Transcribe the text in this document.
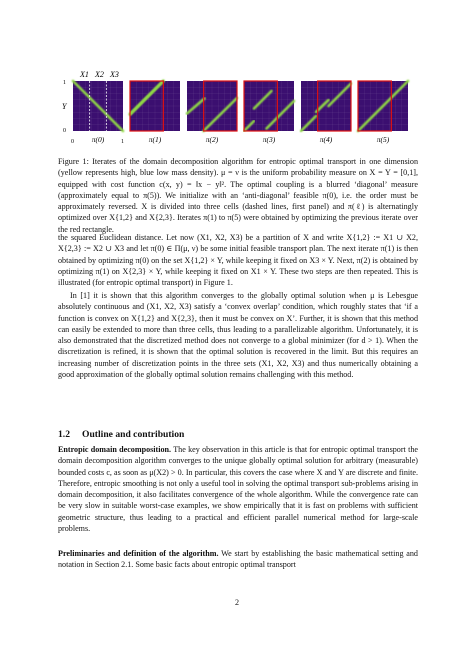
X1 X2 X3
1
Y
0
0	1
π(0)	π(1)	π(2)	π(3)	π(4)	π(5)
Figure 1: Iterates of the domain decomposition algorithm for entropic optimal transport in one dimension (yellow represents high, blue low mass density). μ = ν is the uniform probability measure on X = Y = [0,1], equipped with cost function c(x, y) = ‖x − y‖². The optimal coupling is a blurred ‘diagonal’ measure (approximately equal to π(5)). We initialize with an ‘anti-diagonal’ feasible π(0), i.e. the order must be approximately reversed. X is divided into three cells (dashed lines, first panel) and π(ℓ) is alternatingly optimized over X{1,2} and X{2,3}. Iterates π(1) to π(5) were obtained by optimizing the previous iterate over the red rectangle.

the squared Euclidean distance. Let now (X1, X2, X3) be a partition of X and write X{1,2} := X1 ∪ X2, X{2,3} := X2 ∪ X3 and let π(0) ∈ Π(μ, ν) be some initial feasible transport plan. The next iterate π(1) is then obtained by optimizing π(0) on the set X{1,2} × Y, while keeping it fixed on X3 × Y. Next, π(2) is obtained by optimizing π(1) on X{2,3} × Y, while keeping it fixed on X1 × Y. These two steps are then repeated. This is illustrated (for entropic optimal transport) in Figure 1.

In [1] it is shown that this algorithm converges to the globally optimal solution when μ is Lebesgue absolutely continuous and (X1, X2, X3) satisfy a ‘convex overlap’ condition, which roughly states that ‘if a function is convex on X{1,2} and X{2,3}, then it must be convex on X’. Further, it is shown that this method can easily be extended to more than three cells, thus leading to a parallelizable algorithm. Unfortunately, it is also demonstrated that the discretized method does not converge to a global minimizer (for d > 1). When the discretization is refined, it is shown that the optimal solution is recovered in the limit. But this requires an increasing number of discretization points in the three sets (X1, X2, X3) and thus numerically obtaining a good approximation of the globally optimal solution remains challenging with this method.

1.2 Outline and contribution

Entropic domain decomposition. The key observation in this article is that for entropic optimal transport the domain decomposition algorithm converges to the unique globally optimal solution for arbitrary (measurable) bounded costs c, as soon as μ(X2) > 0. In particular, this covers the case where X and Y are discrete and finite. Therefore, entropic smoothing is not only a useful tool in solving the optimal transport sub-problems arising in domain decomposition, it also facilitates convergence of the whole algorithm. While the convergence rate can be very slow in suitable worst-case examples, we show empirically that it is fast on problems with sufficient geometric structure, thus leading to a practical and efficient parallel numerical method for large-scale problems.

Preliminaries and definition of the algorithm. We start by establishing the basic mathematical setting and notation in Section 2.1. Some basic facts about entropic optimal transport

2
